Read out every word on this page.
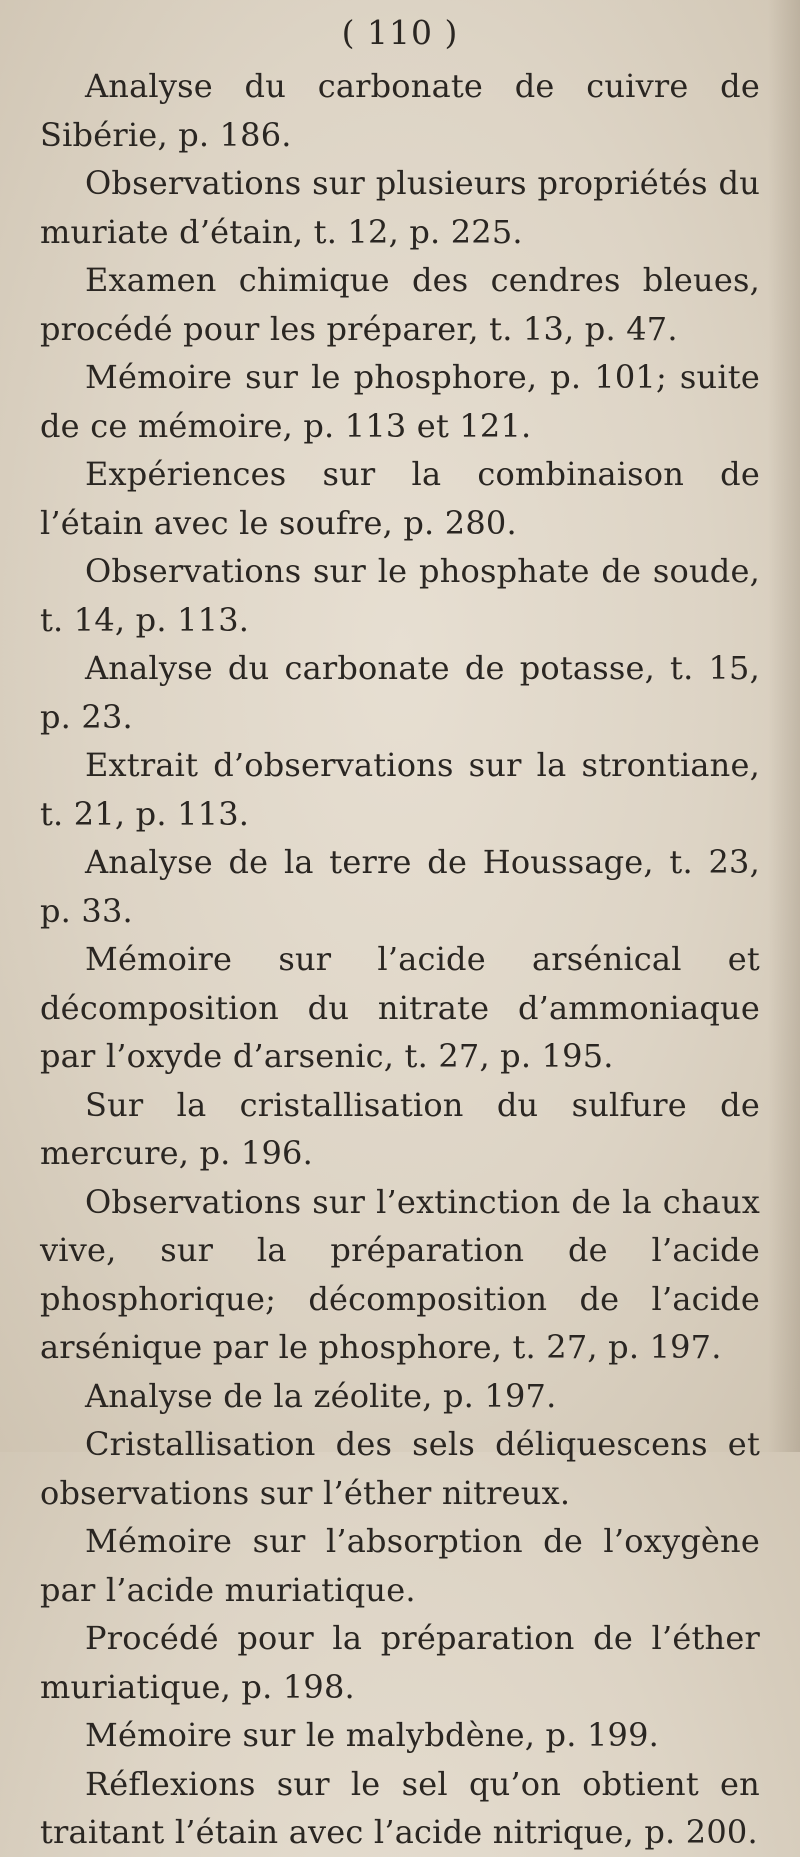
( 110 )

Analyse du carbonate de cuivre de Sibérie, p. 186.

Observations sur plusieurs propriétés du muriate d’étain, t. 12, p. 225.

Examen chimique des cendres bleues, procédé pour les préparer, t. 13, p. 47.

Mémoire sur le phosphore, p. 101; suite de ce mémoire, p. 113 et 121.

Expériences sur la combinaison de l’étain avec le soufre, p. 280.

Observations sur le phosphate de soude, t. 14, p. 113.

Analyse du carbonate de potasse, t. 15, p. 23.

Extrait d’observations sur la strontiane, t. 21, p. 113.

Analyse de la terre de Houssage, t. 23, p. 33.

Mémoire sur l’acide arsénical et décomposition du nitrate d’ammoniaque par l’oxyde d’arsenic, t. 27, p. 195.

Sur la cristallisation du sulfure de mercure, p. 196.

Observations sur l’extinction de la chaux vive, sur la préparation de l’acide phosphorique; décomposition de l’acide arsénique par le phosphore, t. 27, p. 197.

Analyse de la zéolite, p. 197.

Cristallisation des sels déliquescens et observations sur l’éther nitreux.

Mémoire sur l’absorption de l’oxygène par l’acide muriatique.

Procédé pour la préparation de l’éther muriatique, p. 198.

Mémoire sur le malybdène, p. 199.

Réflexions sur le sel qu’on obtient en traitant l’étain avec l’acide nitrique, p. 200.
